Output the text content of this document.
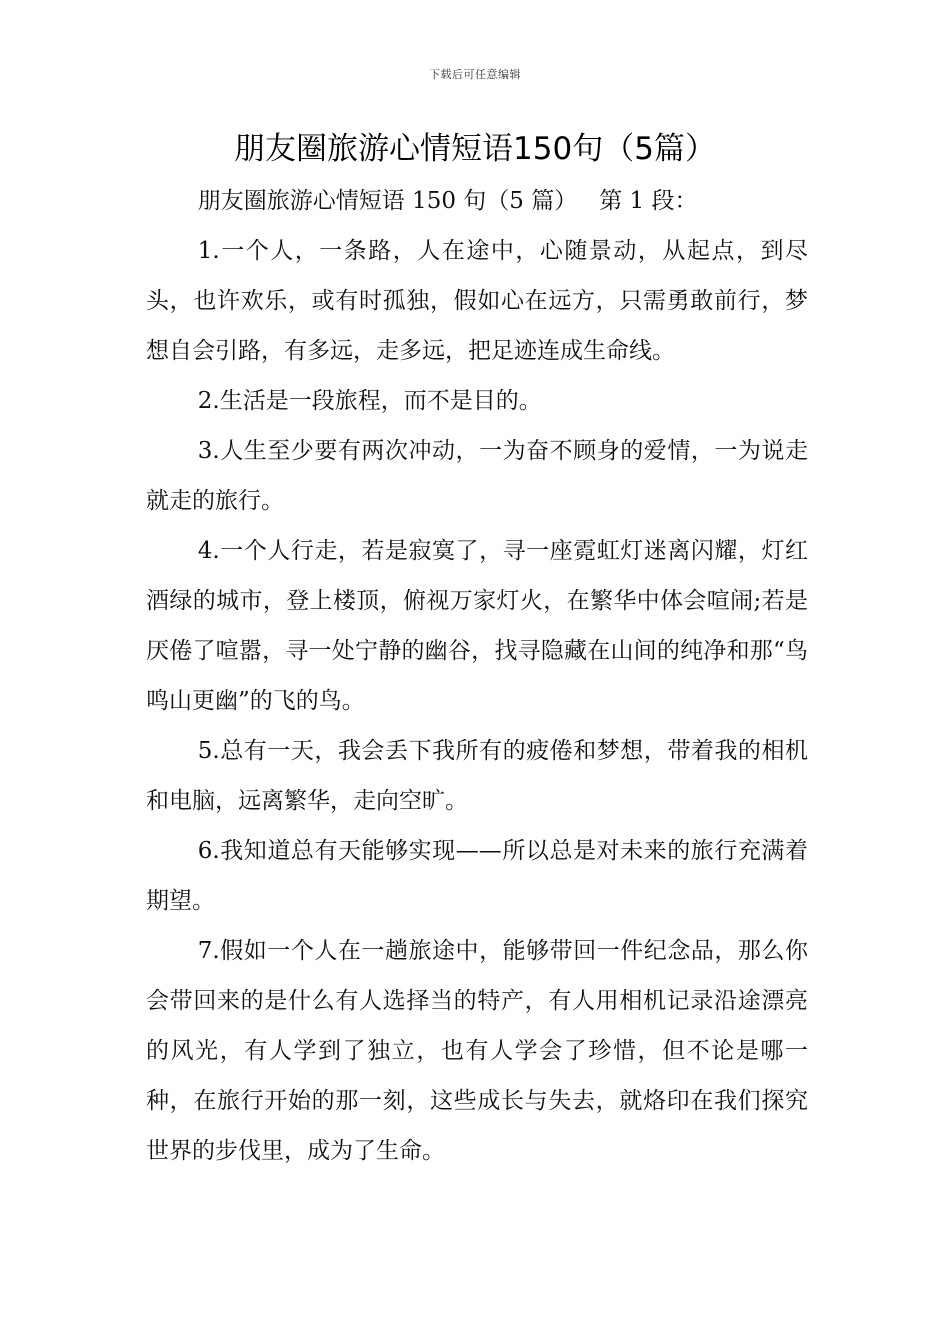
下载后可任意编辑
朋友圈旅游心情短语150句（5篇）

朋友圈旅游心情短语 150 句（5 篇） 第 1 段：

1.一个人，一条路，人在途中，心随景动，从起点，到尽头，也许欢乐，或有时孤独，假如心在远方，只需勇敢前行，梦想自会引路，有多远，走多远，把足迹连成生命线。

2.生活是一段旅程，而不是目的。

3.人生至少要有两次冲动，一为奋不顾身的爱情，一为说走就走的旅行。

4.一个人行走，若是寂寞了，寻一座霓虹灯迷离闪耀，灯红酒绿的城市，登上楼顶，俯视万家灯火，在繁华中体会喧闹;若是厌倦了喧嚣，寻一处宁静的幽谷，找寻隐藏在山间的纯净和那“鸟鸣山更幽”的飞的鸟。

5.总有一天，我会丢下我所有的疲倦和梦想，带着我的相机和电脑，远离繁华，走向空旷。

6.我知道总有天能够实现——所以总是对未来的旅行充满着期望。

7.假如一个人在一趟旅途中，能够带回一件纪念品，那么你会带回来的是什么有人选择当的特产，有人用相机记录沿途漂亮的风光，有人学到了独立，也有人学会了珍惜，但不论是哪一种，在旅行开始的那一刻，这些成长与失去，就烙印在我们探究世界的步伐里，成为了生命。
